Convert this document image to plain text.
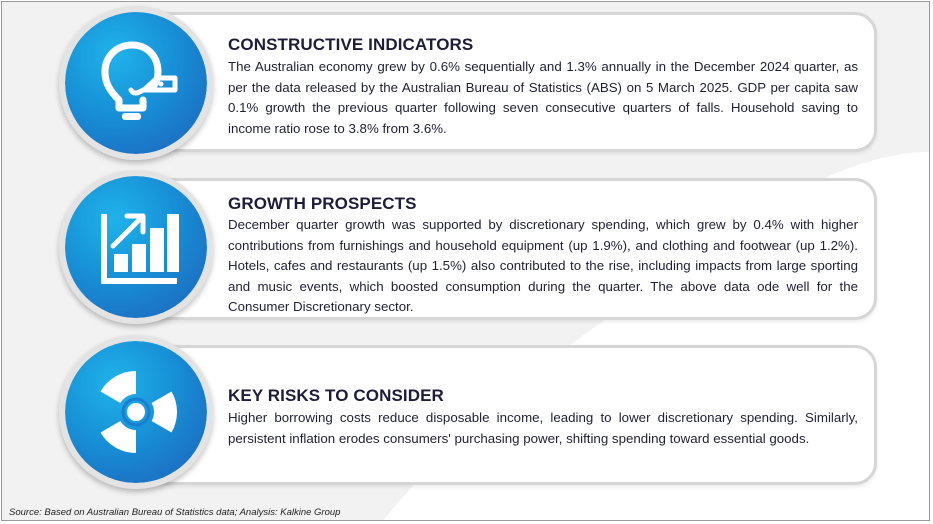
CONSTRUCTIVE INDICATORS
The Australian economy grew by 0.6% sequentially and 1.3% annually in the December 2024 quarter, as per the data released by the Australian Bureau of Statistics (ABS) on 5 March 2025. GDP per capita saw 0.1% growth the previous quarter following seven consecutive quarters of falls. Household saving to income ratio rose to 3.8% from 3.6%.
GROWTH PROSPECTS
December quarter growth was supported by discretionary spending, which grew by 0.4% with higher contributions from furnishings and household equipment (up 1.9%), and clothing and footwear (up 1.2%). Hotels, cafes and restaurants (up 1.5%) also contributed to the rise, including impacts from large sporting and music events, which boosted consumption during the quarter. The above data ode well for the Consumer Discretionary sector.
KEY RISKS TO CONSIDER
Higher borrowing costs reduce disposable income, leading to lower discretionary spending. Similarly, persistent inflation erodes consumers' purchasing power, shifting spending toward essential goods.
Source: Based on Australian Bureau of Statistics data; Analysis: Kalkine Group
